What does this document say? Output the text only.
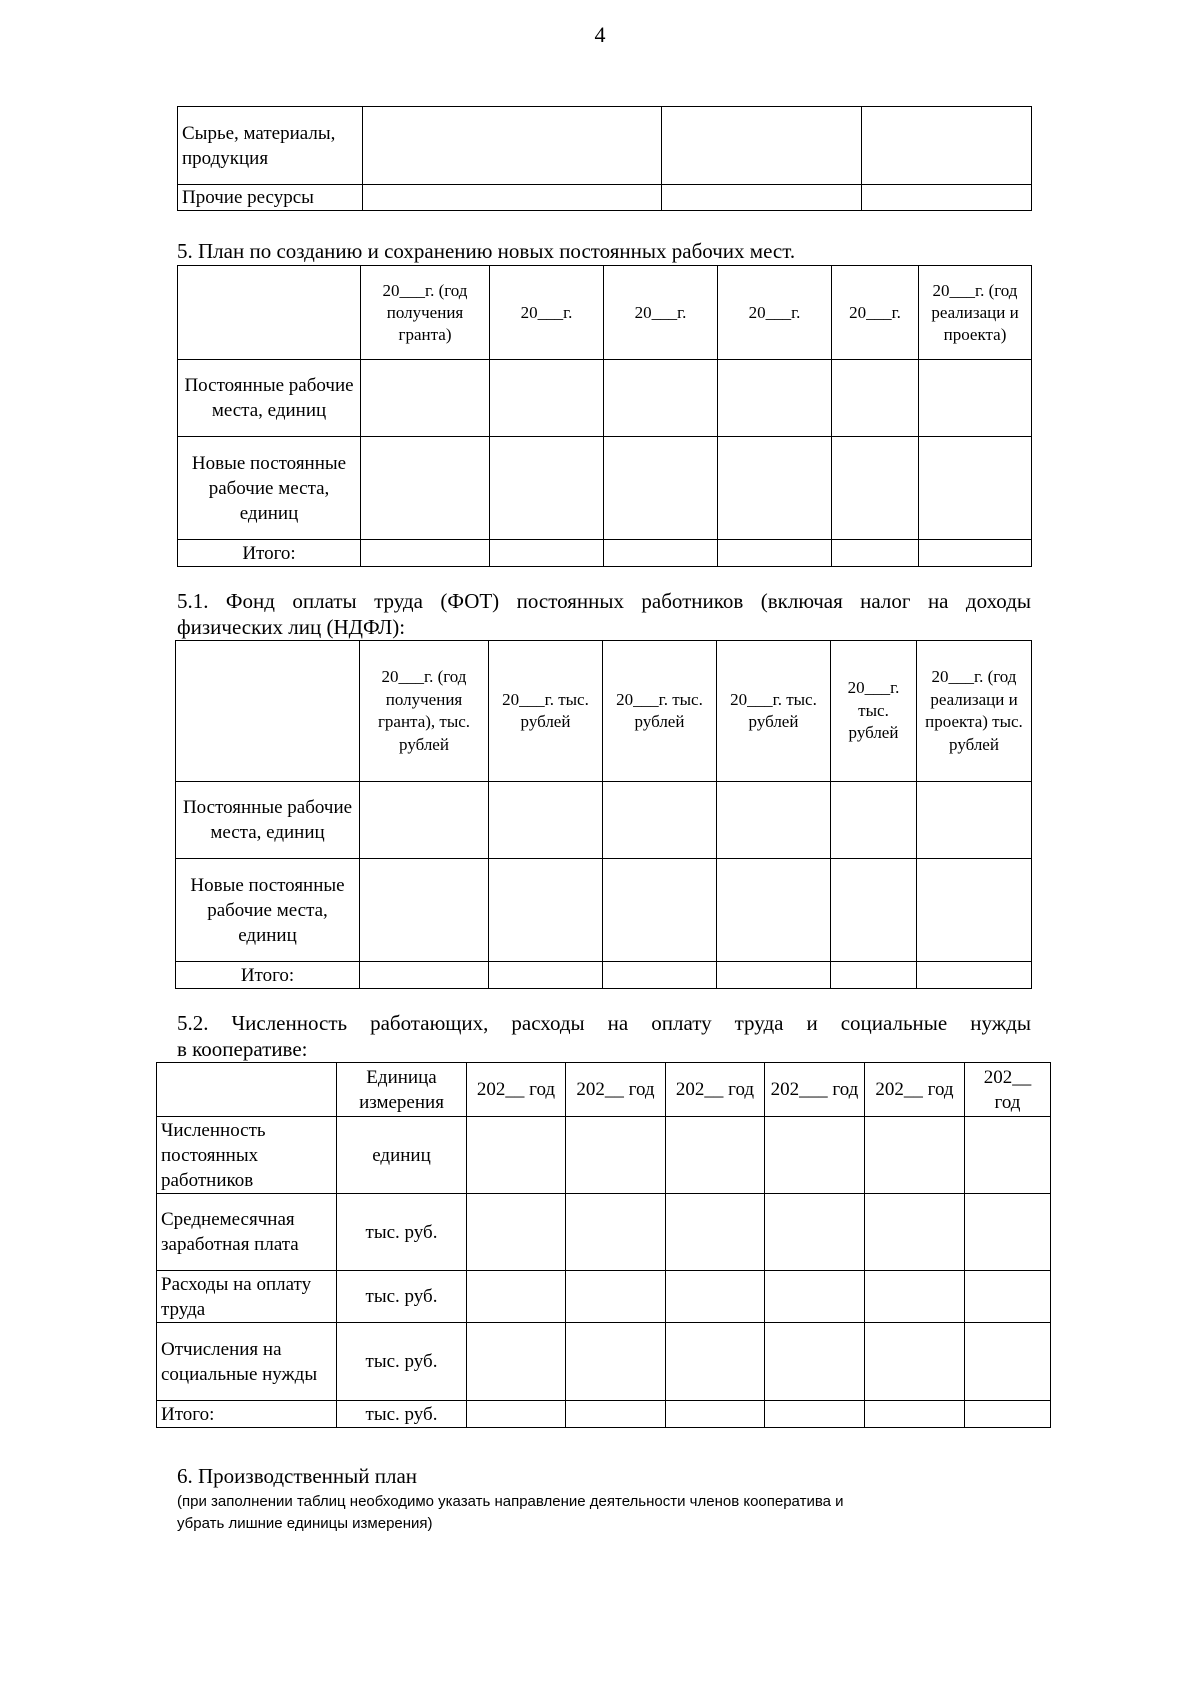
4
Сырье, материалы, продукция			
Прочие ресурсы			
5. План по созданию и сохранению новых постоянных рабочих мест.
	20___г. (год получения гранта)	20___г.	20___г.	20___г.	20___г.	20___г. (год реализаци и проекта)
Постоянные рабочие места, единиц						
Новые постоянные рабочие места, единиц						
Итого:						
5.1. Фонд оплаты труда (ФОТ) постоянных работников (включая налог на доходы
физических лиц (НДФЛ):
	20___г. (год получения гранта), тыс. рублей	20___г. тыс. рублей	20___г. тыс. рублей	20___г. тыс. рублей	20___г. тыс. рублей	20___г. (год реализаци и проекта) тыс. рублей
Постоянные рабочие места, единиц						
Новые постоянные рабочие места, единиц						
Итого:						
5.2. Численность работающих, расходы на оплату труда и социальные нужды
в кооперативе:
	Единица измерения	202__ год	202__ год	202__ год	202___ год	202__ год	202__ год
Численность постоянных работников	единиц						
Среднемесячная заработная плата	тыс. руб.						
Расходы на оплату труда	тыс. руб.						
Отчисления на социальные нужды	тыс. руб.						
Итого:	тыс. руб.						
6. Производственный план
(при заполнении таблиц необходимо указать направление деятельности членов кооператива и
убрать лишние единицы измерения)
